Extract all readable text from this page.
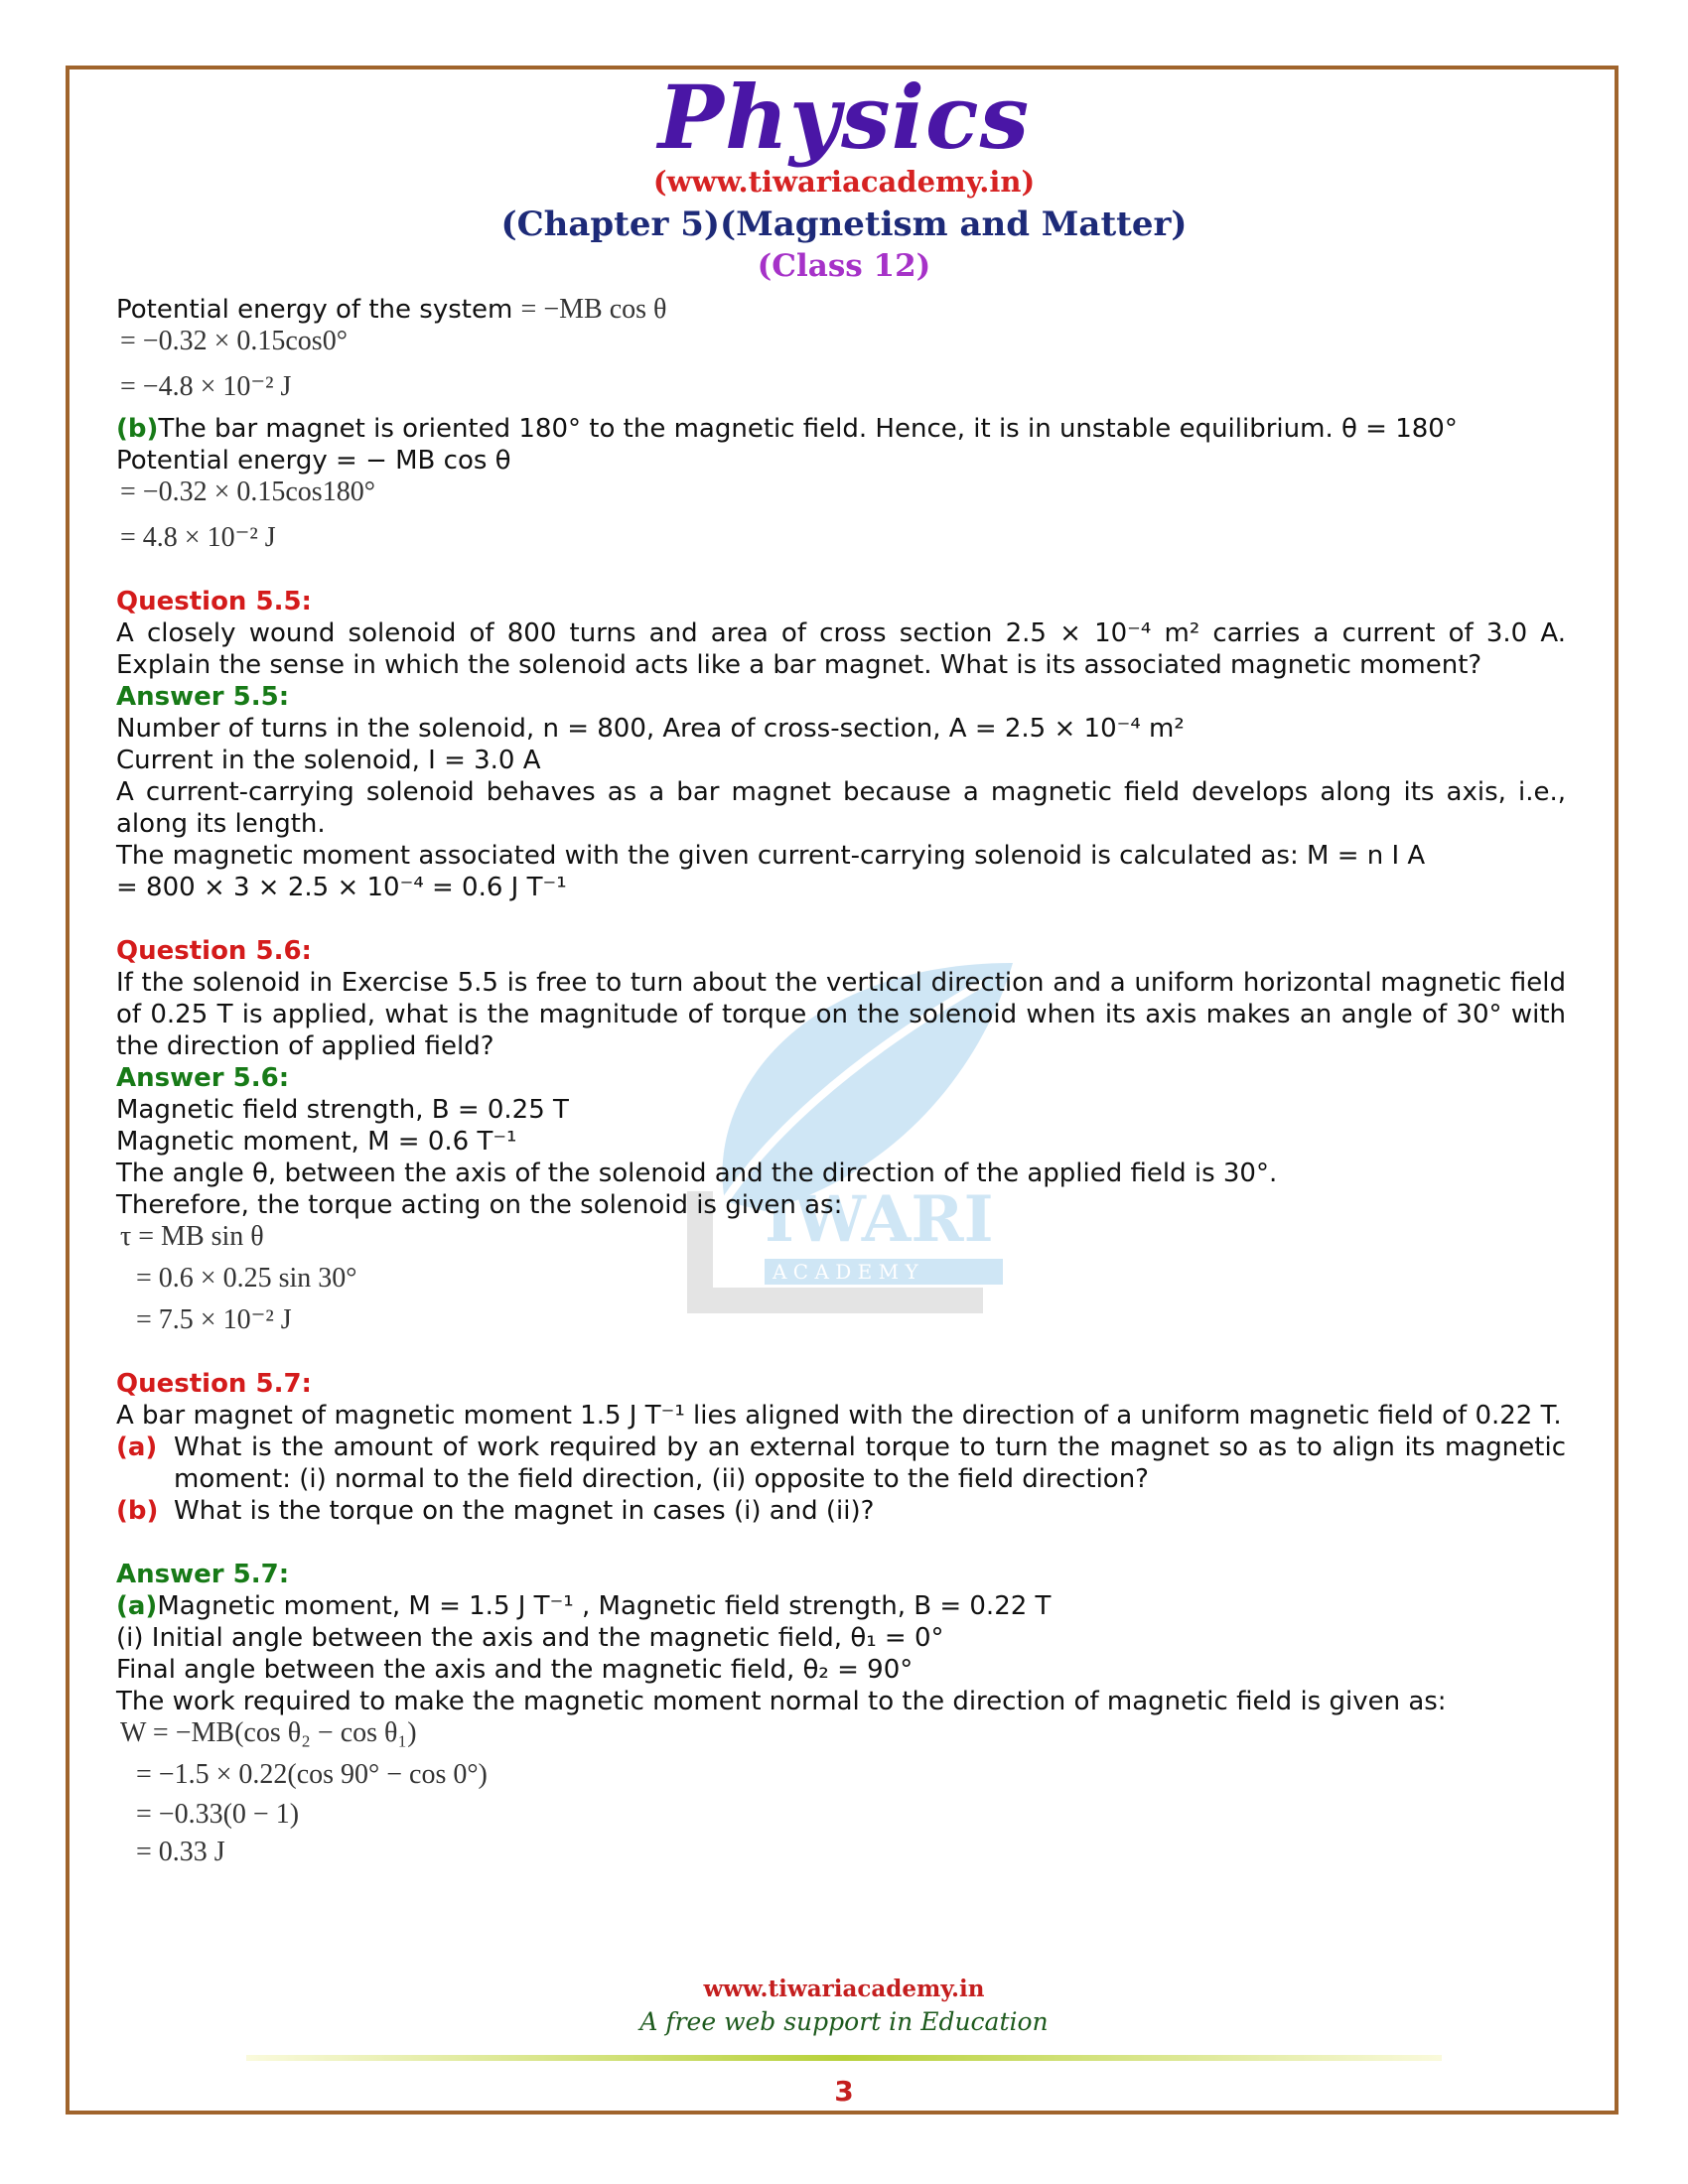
Physics
(www.tiwariacademy.in)
(Chapter 5)(Magnetism and Matter)
(Class 12)
IWARI
A C A D E M Y

Potential energy of the system = −MB cos θ

= −0.32 × 0.15cos0°

= −4.8 × 10⁻² J

(b)The bar magnet is oriented 180° to the magnetic field. Hence, it is in unstable equilibrium. θ = 180°

Potential energy = − MB cos θ

= −0.32 × 0.15cos180°

= 4.8 × 10⁻² J

Question 5.5:

A closely wound solenoid of 800 turns and area of cross section 2.5 × 10⁻⁴ m² carries a current of 3.0 A. Explain the sense in which the solenoid acts like a bar magnet. What is its associated magnetic moment?

Answer 5.5:

Number of turns in the solenoid, n = 800, Area of cross-section, A = 2.5 × 10⁻⁴ m²

Current in the solenoid, I = 3.0 A

A current-carrying solenoid behaves as a bar magnet because a magnetic field develops along its axis, i.e., along its length.

The magnetic moment associated with the given current-carrying solenoid is calculated as: M = n I A

= 800 × 3 × 2.5 × 10⁻⁴ = 0.6 J T⁻¹

Question 5.6:

If the solenoid in Exercise 5.5 is free to turn about the vertical direction and a uniform horizontal magnetic field of 0.25 T is applied, what is the magnitude of torque on the solenoid when its axis makes an angle of 30° with the direction of applied field?

Answer 5.6:

Magnetic field strength, B = 0.25 T

Magnetic moment, M = 0.6 T⁻¹

The angle θ, between the axis of the solenoid and the direction of the applied field is 30°.

Therefore, the torque acting on the solenoid is given as:

τ = MB sin θ

= 0.6 × 0.25 sin 30°

= 7.5 × 10⁻² J

Question 5.7:

A bar magnet of magnetic moment 1.5 J T⁻¹ lies aligned with the direction of a uniform magnetic field of 0.22 T.

(a) What is the amount of work required by an external torque to turn the magnet so as to align its magnetic moment: (i) normal to the field direction, (ii) opposite to the field direction?
(b) What is the torque on the magnet in cases (i) and (ii)?

Answer 5.7:

(a)Magnetic moment, M = 1.5 J T⁻¹ , Magnetic field strength, B = 0.22 T

(i) Initial angle between the axis and the magnetic field, θ₁ = 0°

Final angle between the axis and the magnetic field, θ₂ = 90°

The work required to make the magnetic moment normal to the direction of magnetic field is given as:

W = −MB(cos θ₂ − cos θ₁)

= −1.5 × 0.22(cos 90° − cos 0°)

= −0.33(0 − 1)

= 0.33 J

www.tiwariacademy.in
A free web support in Education
3
